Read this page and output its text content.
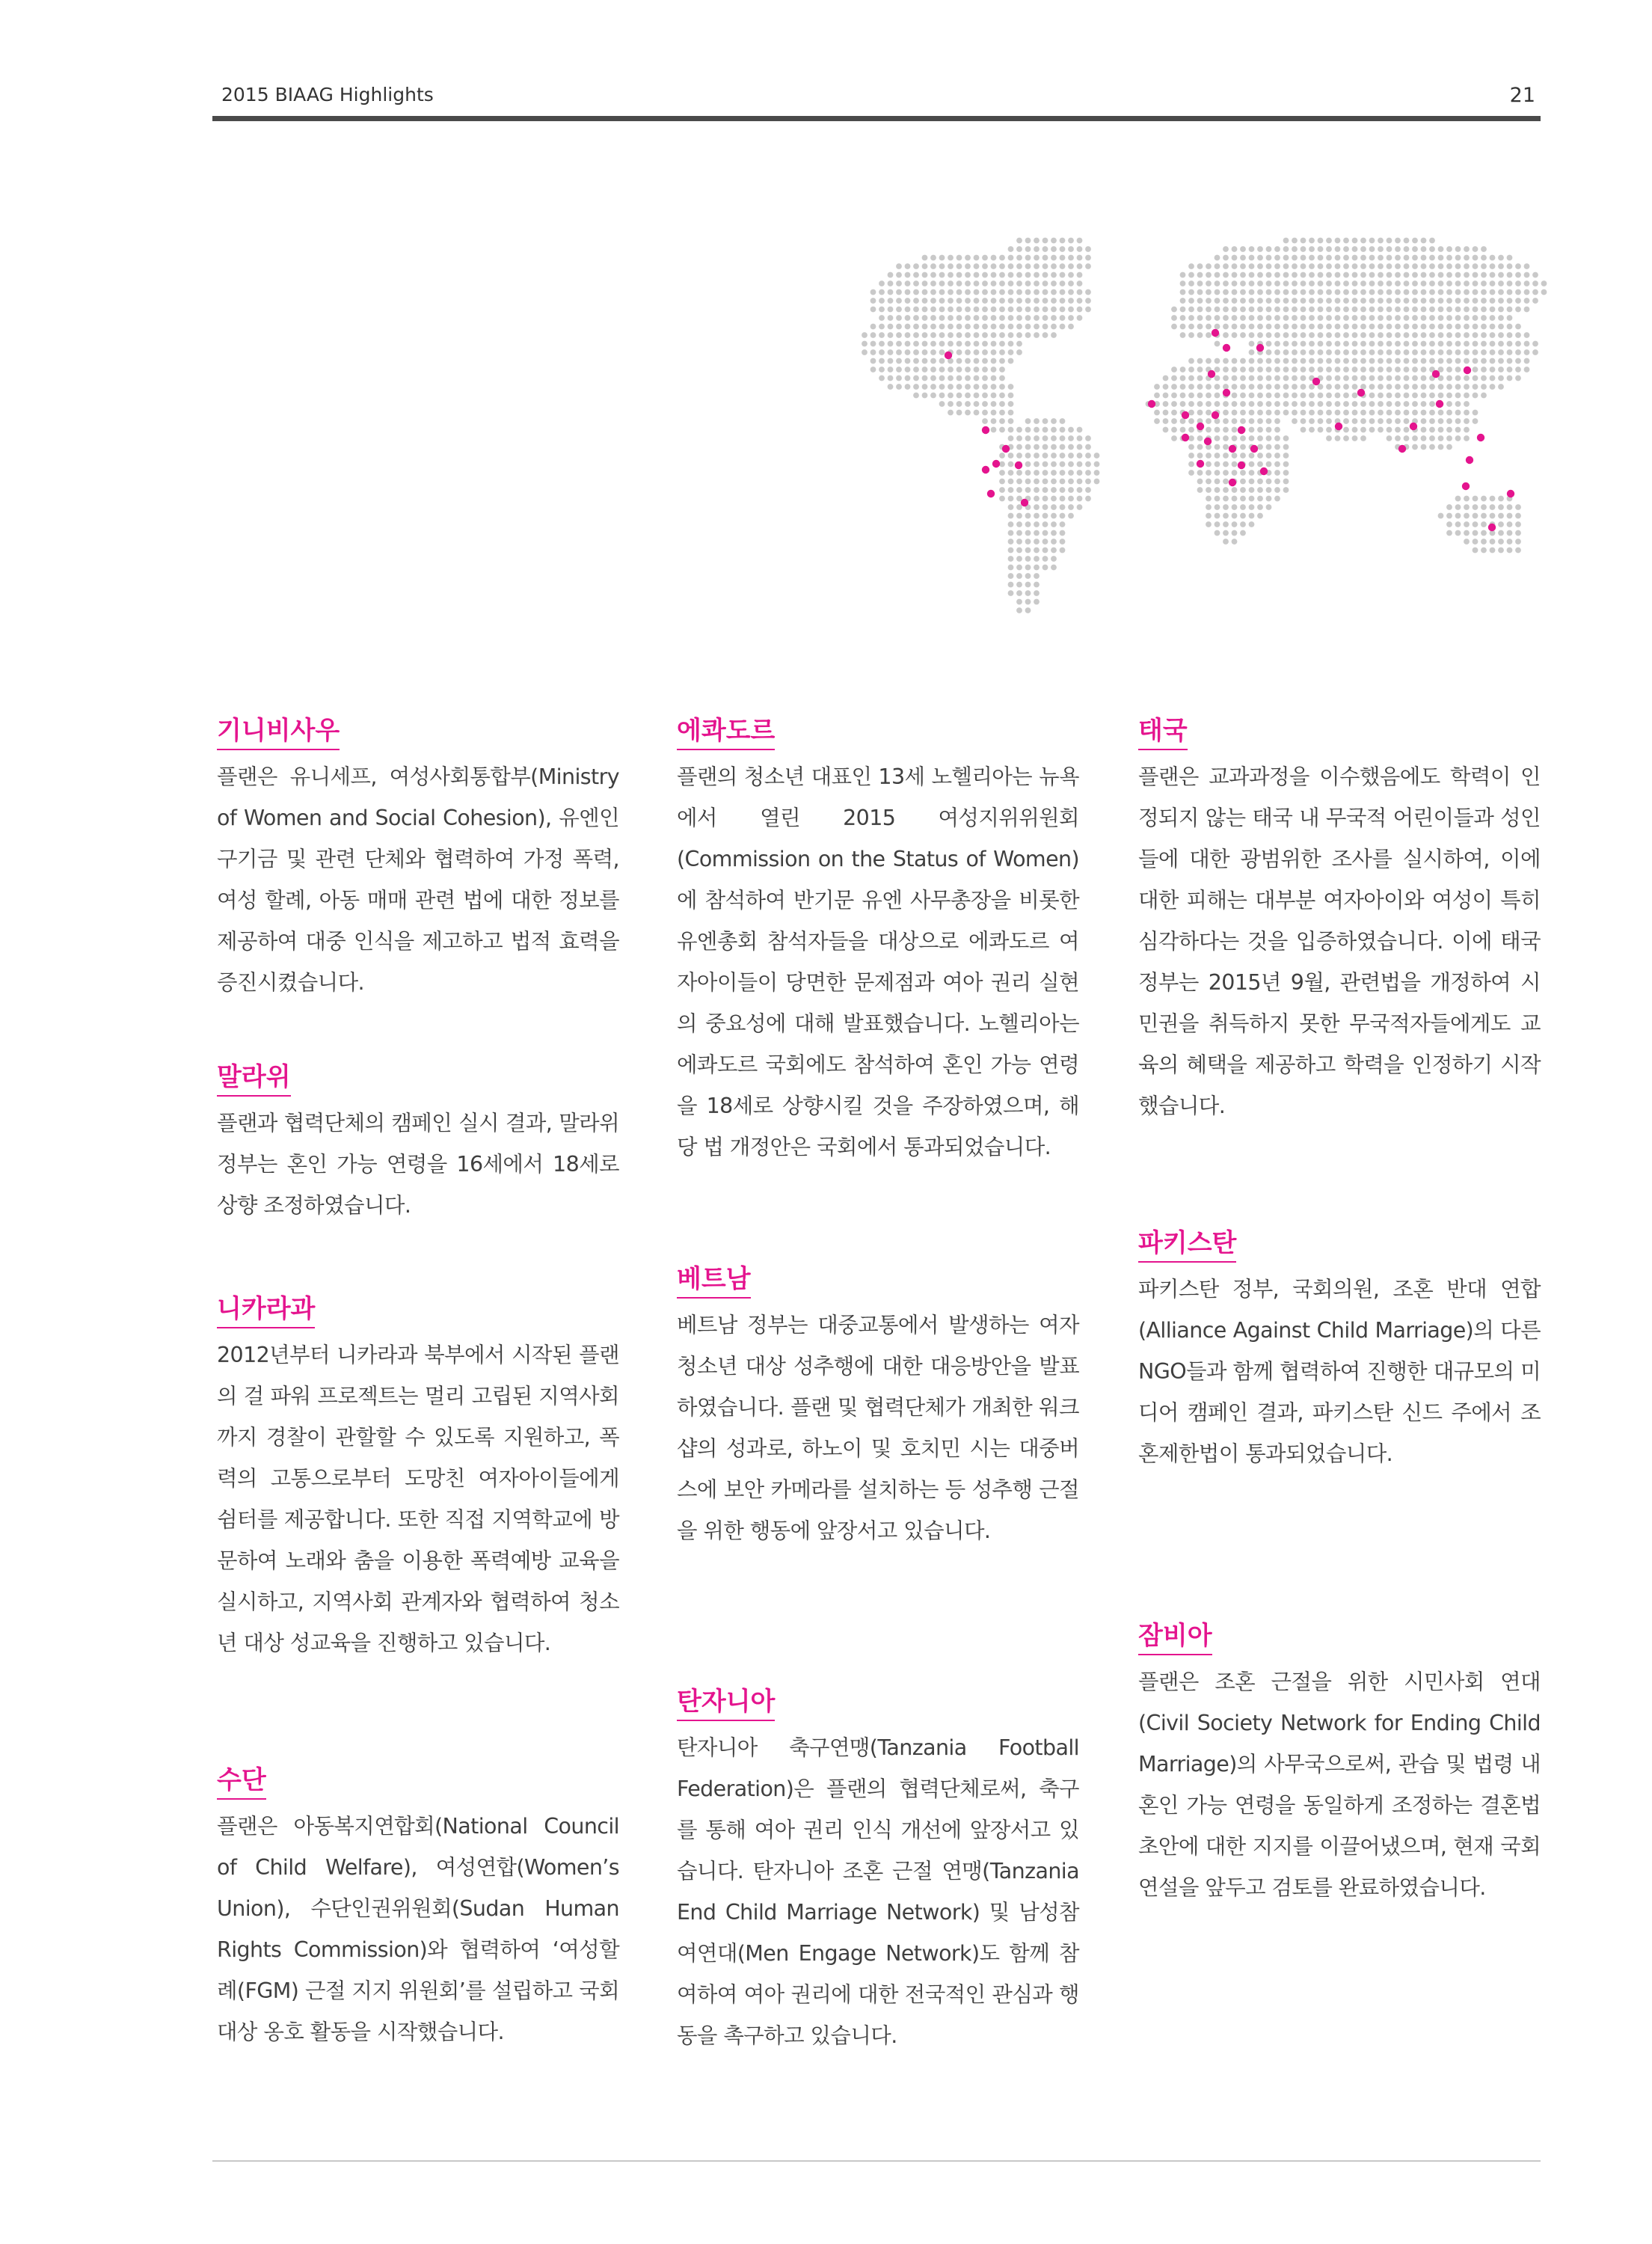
2015 BIAAG Highlights	21
기니비사우

플랜은 유니세프, 여성사회통합부(Ministry of Women and Social Cohesion), 유엔인구기금 및 관련 단체와 협력하여 가정 폭력, 여성 할례, 아동 매매 관련 법에 대한 정보를 제공하여 대중 인식을 제고하고 법적 효력을 증진시켰습니다.

말라위

플랜과 협력단체의 캠페인 실시 결과, 말라위 정부는 혼인 가능 연령을 16세에서 18세로 상향 조정하였습니다.

니카라과

2012년부터 니카라과 북부에서 시작된 플랜의 걸 파워 프로젝트는 멀리 고립된 지역사회까지 경찰이 관할할 수 있도록 지원하고, 폭력의 고통으로부터 도망친 여자아이들에게 쉼터를 제공합니다. 또한 직접 지역학교에 방문하여 노래와 춤을 이용한 폭력예방 교육을 실시하고, 지역사회 관계자와 협력하여 청소년 대상 성교육을 진행하고 있습니다.

수단

플랜은 아동복지연합회(National Council of Child Welfare), 여성연합(Women’s Union), 수단인권위원회(Sudan Human Rights Commission)와 협력하여 ‘여성할례(FGM) 근절 지지 위원회’를 설립하고 국회 대상 옹호 활동을 시작했습니다.

에콰도르

플랜의 청소년 대표인 13세 노헬리아는 뉴욕에서 열린 2015 여성지위위원회(Commission on the Status of Women)에 참석하여 반기문 유엔 사무총장을 비롯한 유엔총회 참석자들을 대상으로 에콰도르 여자아이들이 당면한 문제점과 여아 권리 실현의 중요성에 대해 발표했습니다. 노헬리아는 에콰도르 국회에도 참석하여 혼인 가능 연령을 18세로 상향시킬 것을 주장하였으며, 해당 법 개정안은 국회에서 통과되었습니다.

베트남

베트남 정부는 대중교통에서 발생하는 여자 청소년 대상 성추행에 대한 대응방안을 발표하였습니다. 플랜 및 협력단체가 개최한 워크샵의 성과로, 하노이 및 호치민 시는 대중버스에 보안 카메라를 설치하는 등 성추행 근절을 위한 행동에 앞장서고 있습니다.

탄자니아

탄자니아 축구연맹(Tanzania Football Federation)은 플랜의 협력단체로써, 축구를 통해 여아 권리 인식 개선에 앞장서고 있습니다. 탄자니아 조혼 근절 연맹(Tanzania End Child Marriage Network) 및 남성참여연대(Men Engage Network)도 함께 참여하여 여아 권리에 대한 전국적인 관심과 행동을 촉구하고 있습니다.

태국

플랜은 교과과정을 이수했음에도 학력이 인정되지 않는 태국 내 무국적 어린이들과 성인들에 대한 광범위한 조사를 실시하여, 이에 대한 피해는 대부분 여자아이와 여성이 특히 심각하다는 것을 입증하였습니다. 이에 태국 정부는 2015년 9월, 관련법을 개정하여 시민권을 취득하지 못한 무국적자들에게도 교육의 혜택을 제공하고 학력을 인정하기 시작했습니다.

파키스탄

파키스탄 정부, 국회의원, 조혼 반대 연합(Alliance Against Child Marriage)의 다른 NGO들과 함께 협력하여 진행한 대규모의 미디어 캠페인 결과, 파키스탄 신드 주에서 조혼제한법이 통과되었습니다.

잠비아

플랜은 조혼 근절을 위한 시민사회 연대(Civil Society Network for Ending Child Marriage)의 사무국으로써, 관습 및 법령 내 혼인 가능 연령을 동일하게 조정하는 결혼법 초안에 대한 지지를 이끌어냈으며, 현재 국회 연설을 앞두고 검토를 완료하였습니다.
